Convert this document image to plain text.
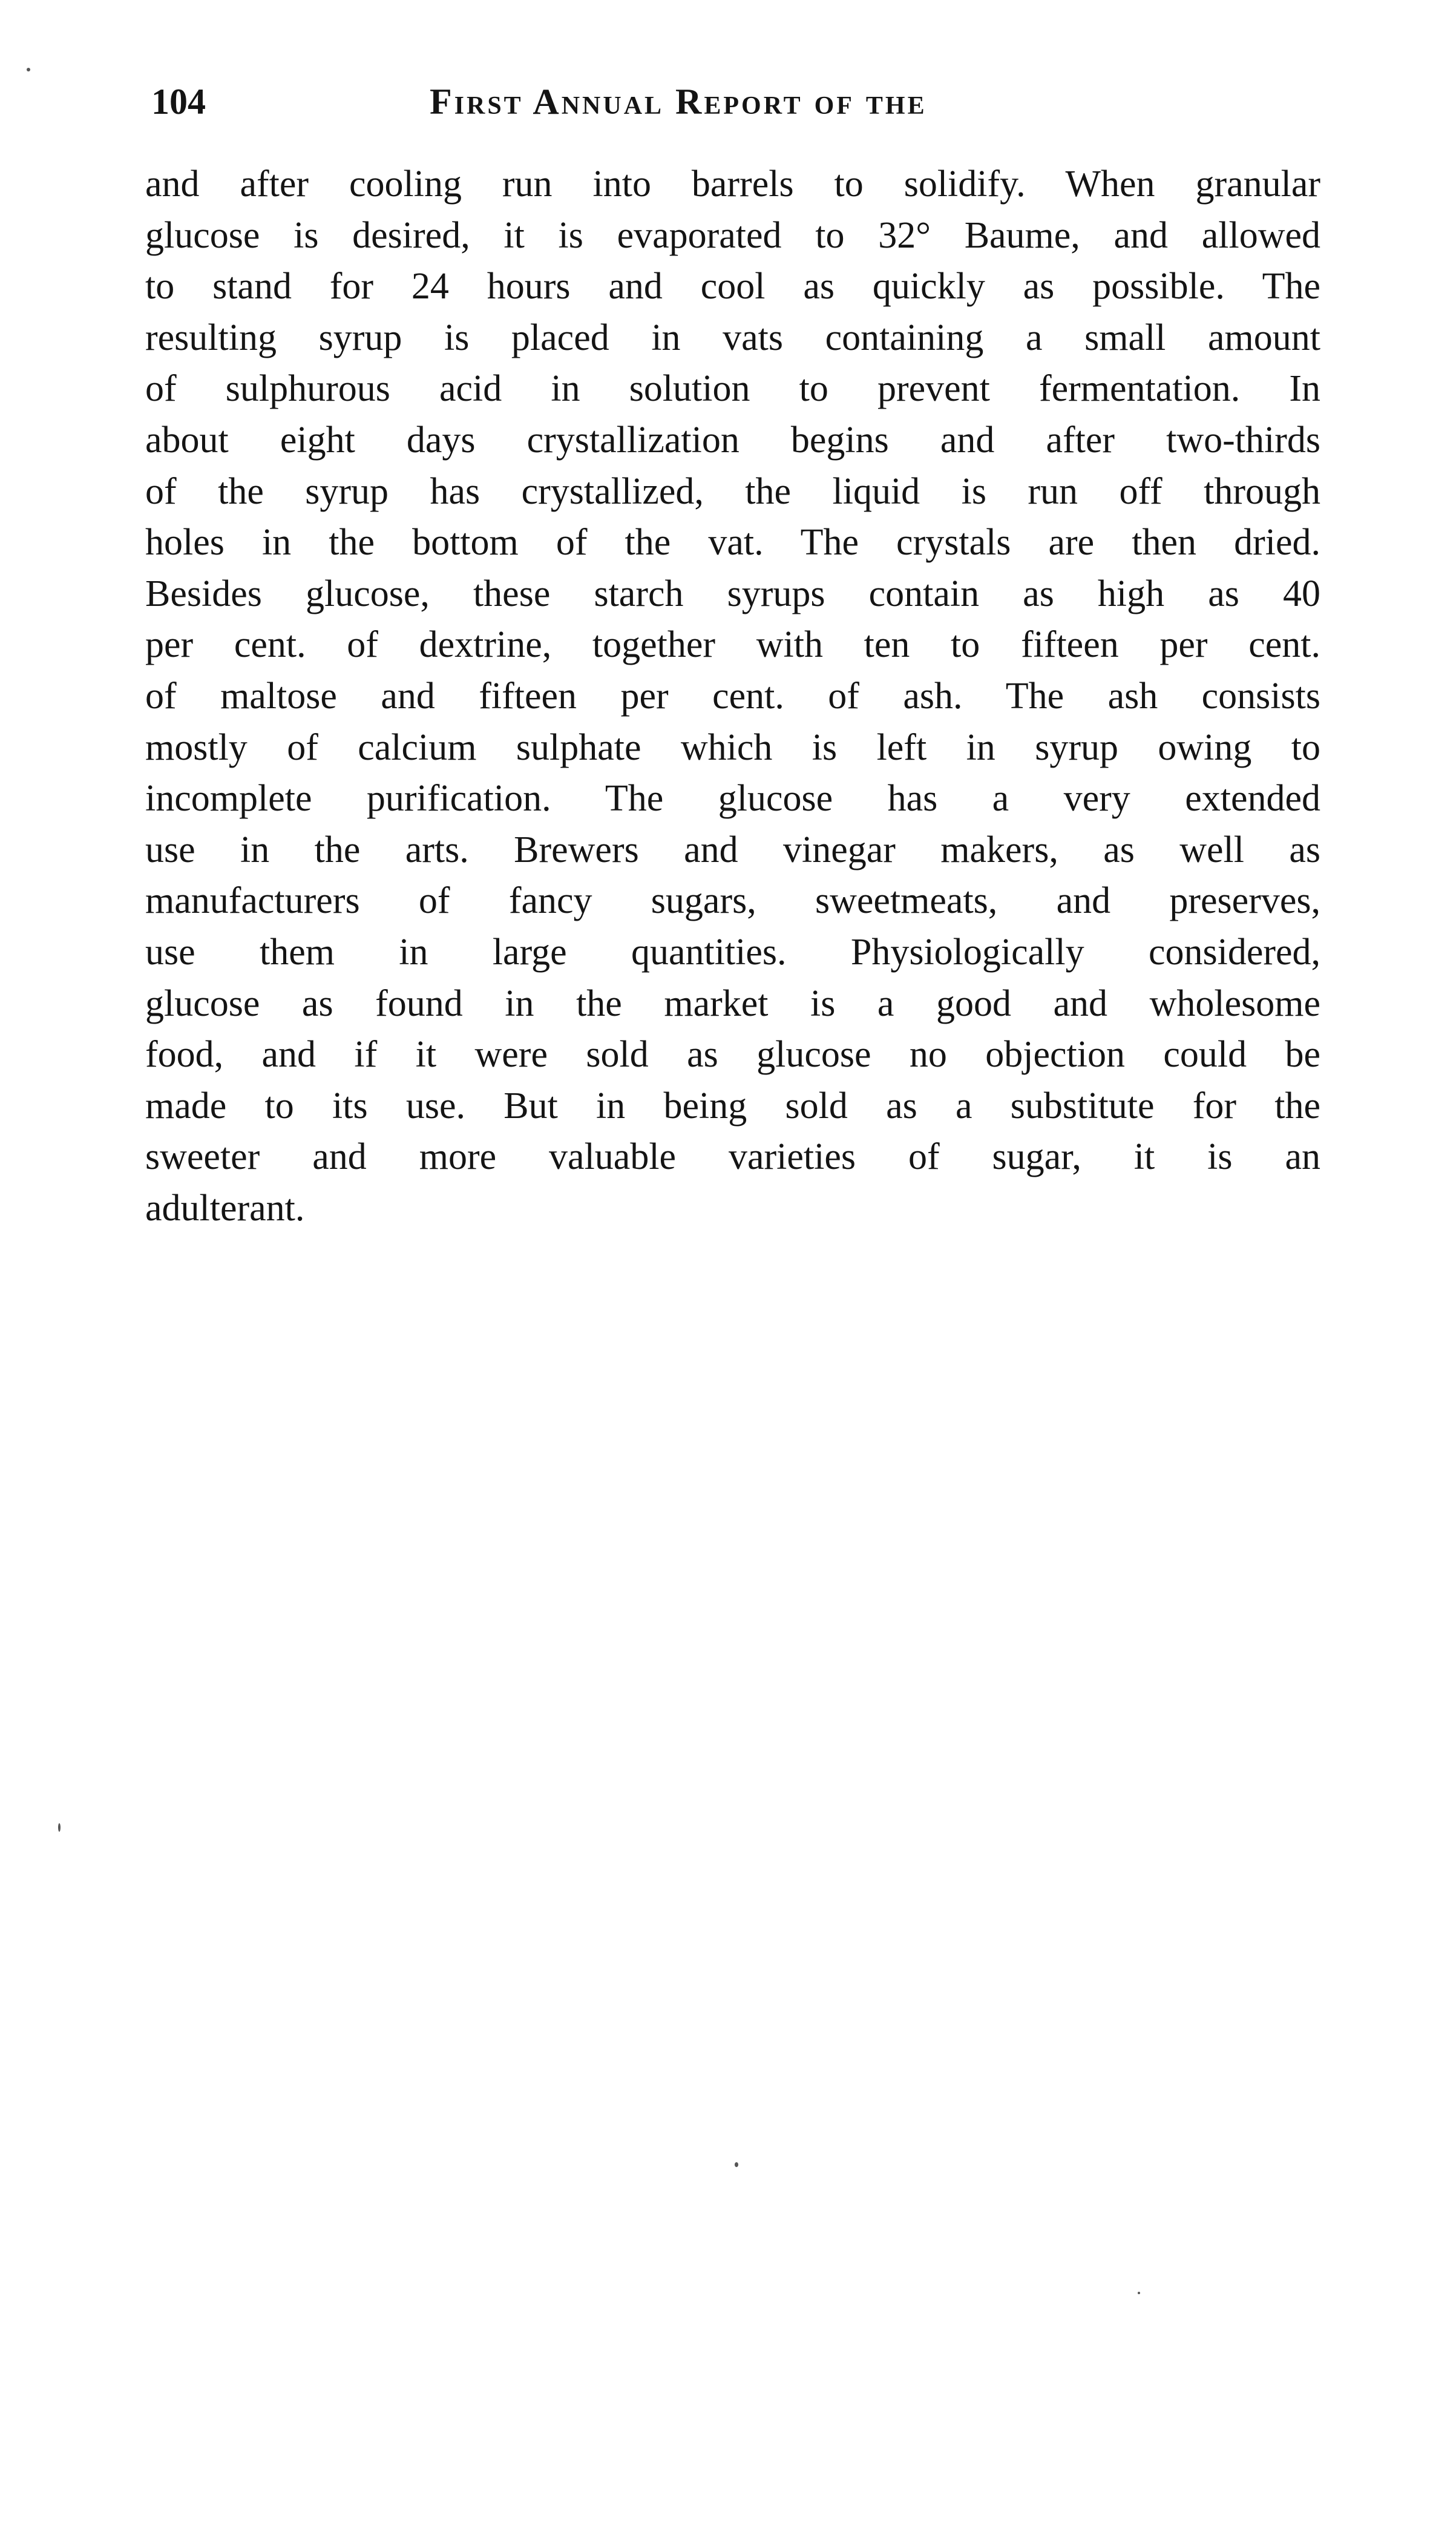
104	First Annual Report of the
and after cooling run into barrels to solidify. When granular
glucose is desired, it is evaporated to 32° Baume, and allowed
to stand for 24 hours and cool as quickly as possible. The
resulting syrup is placed in vats containing a small amount
of sulphurous acid in solution to prevent fermentation. In
about eight days crystallization begins and after two-thirds
of the syrup has crystallized, the liquid is run off through
holes in the bottom of the vat. The crystals are then dried.
Besides glucose, these starch syrups contain as high as 40
per cent. of dextrine, together with ten to fifteen per cent.
of maltose and fifteen per cent. of ash. The ash consists
mostly of calcium sulphate which is left in syrup owing to
incomplete purification. The glucose has a very extended
use in the arts. Brewers and vinegar makers, as well as
manufacturers of fancy sugars, sweetmeats, and preserves,
use them in large quantities. Physiologically considered,
glucose as found in the market is a good and wholesome
food, and if it were sold as glucose no objection could be
made to its use. But in being sold as a substitute for the
sweeter and more valuable varieties of sugar, it is an
adulterant.
